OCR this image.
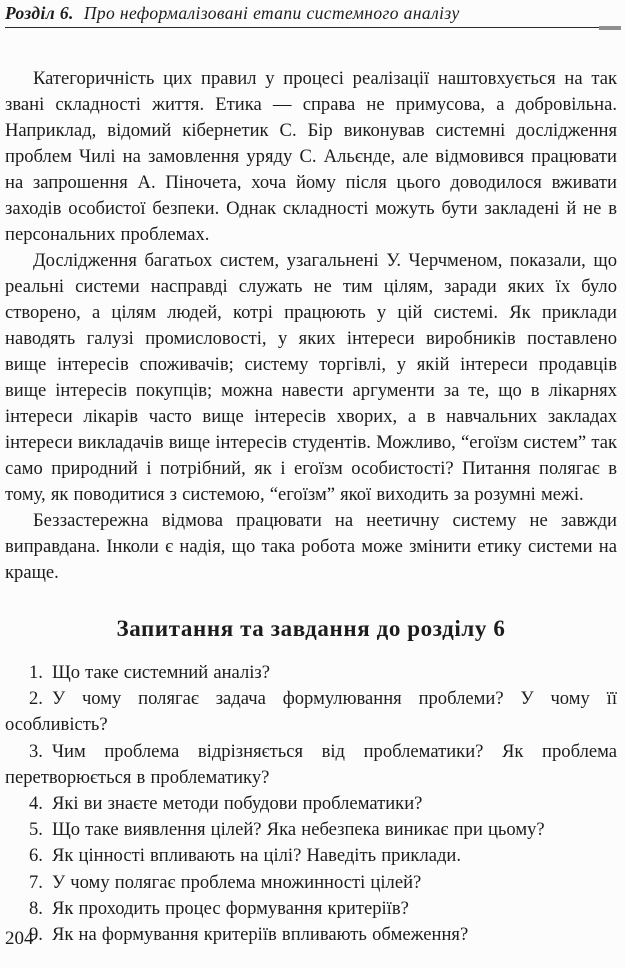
Розділ 6. Про неформалізовані етапи системного аналізу

Категоричність цих правил у процесі реалізації наштовхується на так звані складності життя. Етика — справа не примусова, а добровільна. Наприклад, відомий кібернетик С. Бір виконував системні дослідження проблем Чилі на замовлення уряду С. Альєнде, але відмовився працювати на запрошення А. Піночета, хоча йому після цього доводилося вживати заходів особистої безпеки. Однак складності можуть бути закладені й не в персональних проблемах.

Дослідження багатьох систем, узагальнені У. Черчменом, показали, що реальні системи насправді служать не тим цілям, заради яких їх було створено, а цілям людей, котрі працюють у цій системі. Як приклади наводять галузі промисловості, у яких інтереси виробників поставлено вище інтересів споживачів; систему торгівлі, у якій інтереси продавців вище інтересів покупців; можна навести аргументи за те, що в лікарнях інтереси лікарів часто вище інтересів хворих, а в навчальних закладах інтереси викладачів вище інтересів студентів. Можливо, “егоїзм систем” так само природний і потрібний, як і егоїзм особистості? Питання полягає в тому, як поводитися з системою, “егоїзм” якої виходить за розумні межі.

Беззастережна відмова працювати на неетичну систему не завжди виправдана. Інколи є надія, що така робота може змінити етику системи на краще.

Запитання та завдання до розділу 6

1. Що таке системний аналіз?

2. У чому полягає задача формулювання проблеми? У чому її особливість?

3. Чим проблема відрізняється від проблематики? Як проблема перетворюється в проблематику?

4. Які ви знаєте методи побудови проблематики?

5. Що таке виявлення цілей? Яка небезпека виникає при цьому?

6. Як цінності впливають на цілі? Наведіть приклади.

7. У чому полягає проблема множинності цілей?

8. Як проходить процес формування критеріїв?

9. Як на формування критеріїв впливають обмеження?

204
